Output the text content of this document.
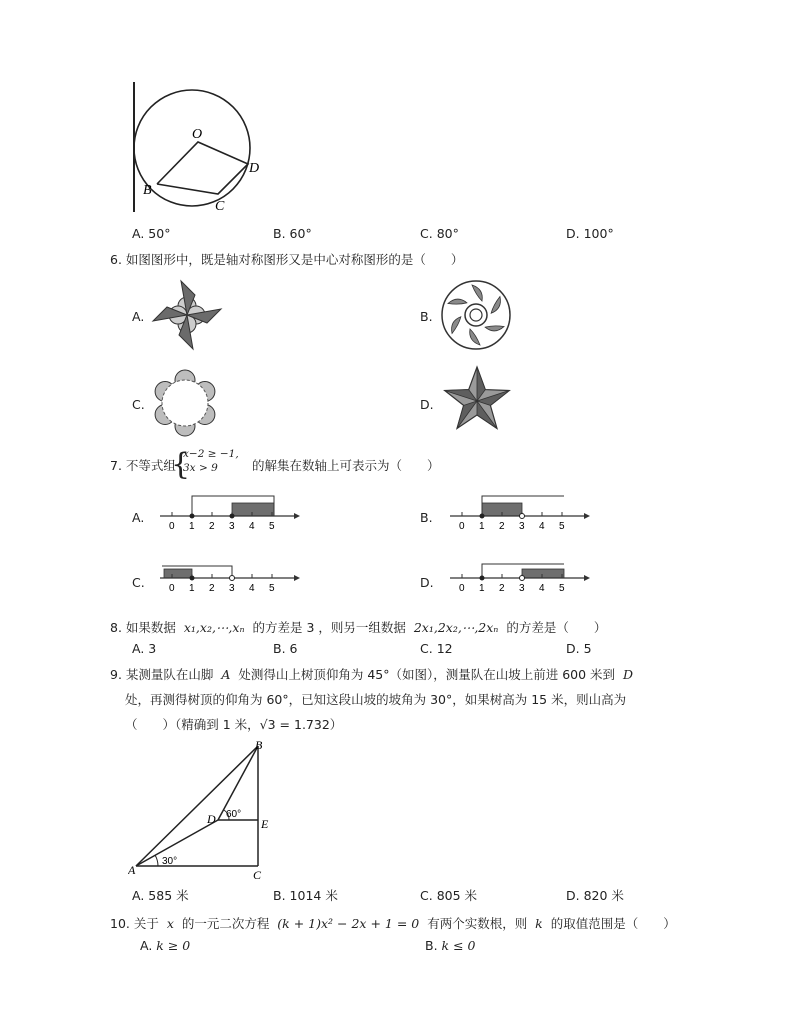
O
B
C
D
A. 50°	B. 60°	C. 80°	D. 100°
6. 如图图形中，既是轴对称图形又是中心对称图形的是（　　）
A.	B.
C.	D.
7. 不等式组
{
x−2 ≥ −1,
3x > 9	的解集在数轴上可表示为（　　）
A.
0 1 2 3 4 5
B.
0 1 2 3 4 5
C. 0 1 2 3 4 5	D.	0 1 2 3 4 5
8. 如果数据 x₁,x₂,⋯,xₙ 的方差是 3 ，则另一组数据 2x₁,2x₂,⋯,2xₙ 的方差是（　　）
A. 3	B. 6	C. 12	D. 5
9. 某测量队在山脚 A 处测得山上树顶仰角为 45°（如图），测量队在山坡上前进 600 米到 D
处，再测得树顶的仰角为 60°，已知这段山坡的坡角为 30°，如果树高为 15 米，则山高为
（　　）（精确到 1 米，√3 = 1.732）
B
D	E
A	C
60°
30°
A. 585 米	B. 1014 米	C. 805 米	D. 820 米
10. 关于 x 的一元二次方程 (k + 1)x² − 2x + 1 = 0 有两个实数根，则 k 的取值范围是（　　）
A. k ≥ 0	B. k ≤ 0
